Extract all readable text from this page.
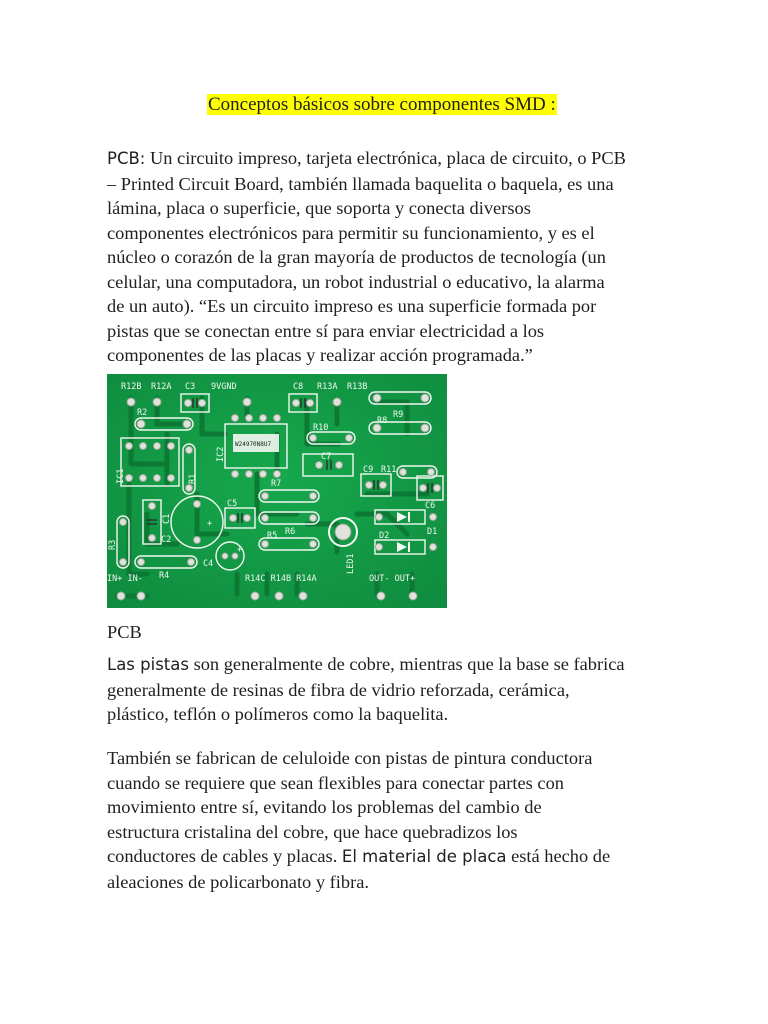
Conceptos básicos sobre componentes SMD :
PCB: Un circuito impreso, tarjeta electrónica, placa de circuito, o PCB
– Printed Circuit Board, también llamada baquelita o baquela, es una
lámina, placa o superficie, que soporta y conecta diversos
componentes electrónicos para permitir su funcionamiento, y es el
núcleo o corazón de la gran mayoría de productos de tecnología (un
celular, una computadora, un robot industrial o educativo, la alarma
de un auto). “Es un circuito impreso es una superficie formada por
pistas que se conectan entre sí para enviar electricidad a los
componentes de las placas y realizar acción programada.”
R12B R12A C3 9VGND	C8 R13A R13B
R2	R9
R8
R10
C7
C9 R11
C5
R7
R6
R5
C6
D1
D2
C2
C4
R4
IN+ IN-	R14C R14B R14A	OUT- OUT+
+
+
W24970N8U7
IC1
IC2
R1
C1
R3
LED1
PCB
Las pistas son generalmente de cobre, mientras que la base se fabrica
generalmente de resinas de fibra de vidrio reforzada, cerámica,
plástico, teflón o polímeros como la baquelita.
También se fabrican de celuloide con pistas de pintura conductora
cuando se requiere que sean flexibles para conectar partes con
movimiento entre sí, evitando los problemas del cambio de
estructura cristalina del cobre, que hace quebradizos los
conductores de cables y placas. El material de placa está hecho de
aleaciones de policarbonato y fibra.
